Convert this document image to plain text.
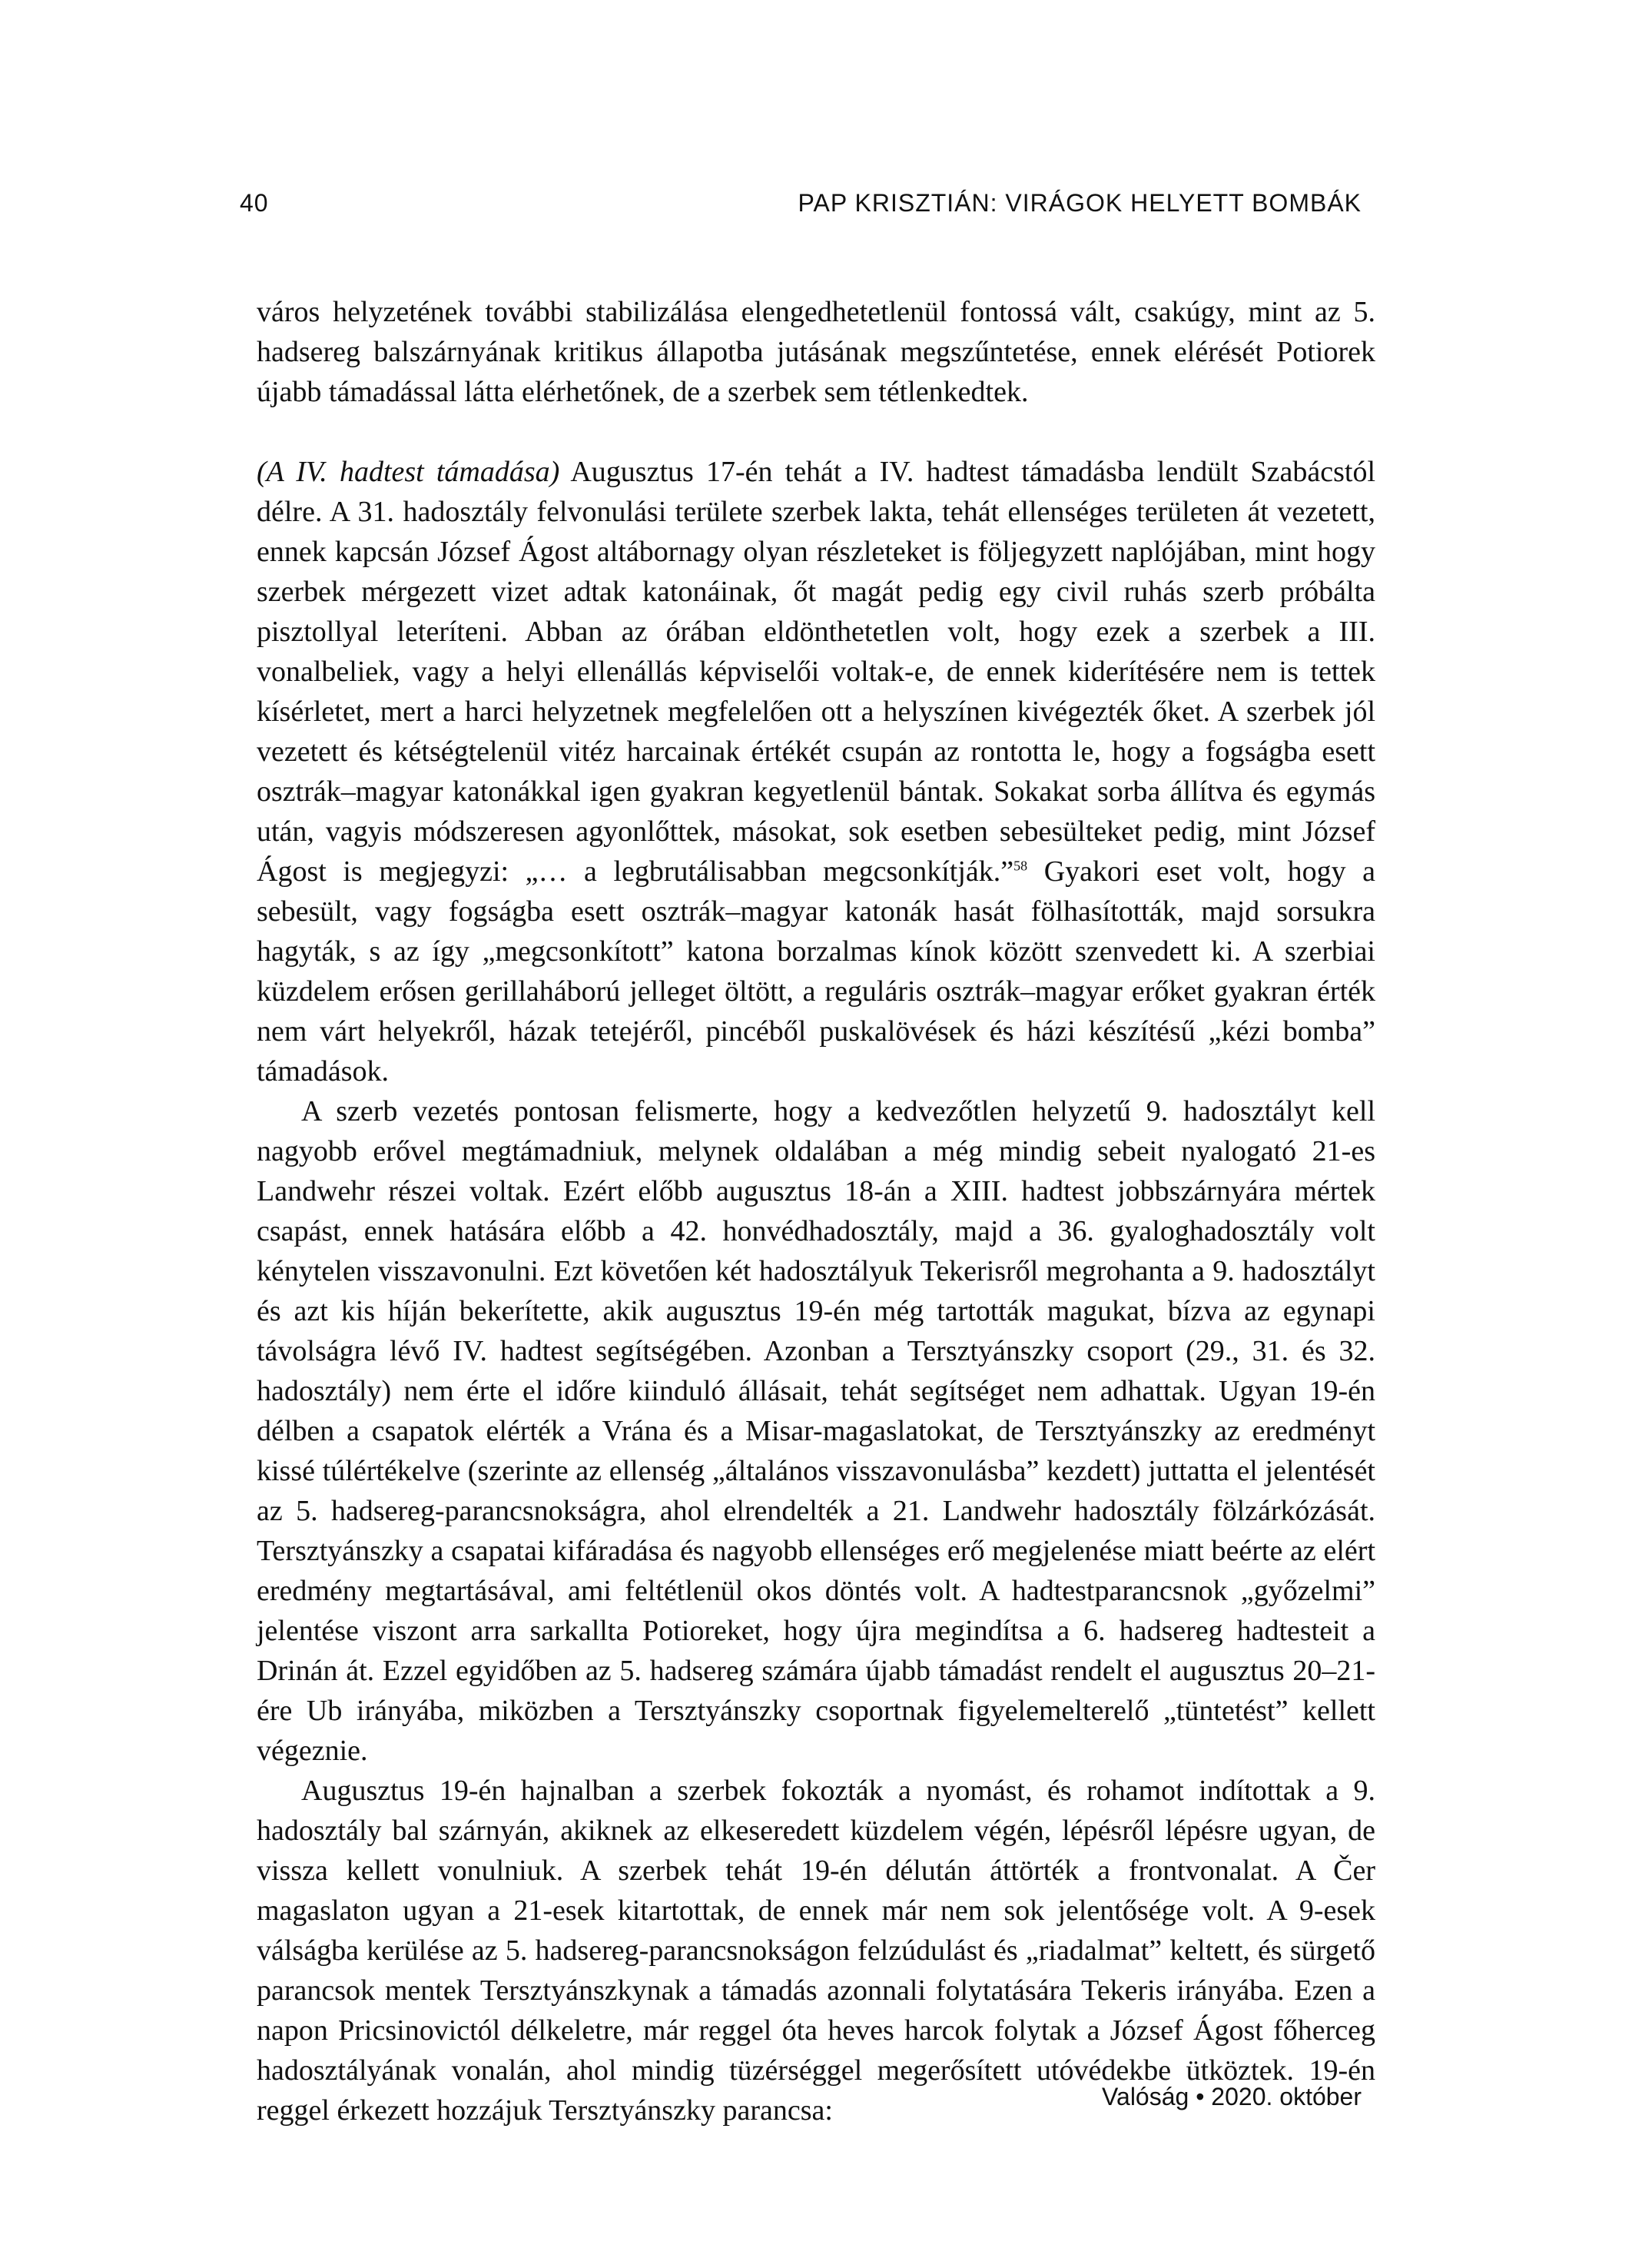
40	PAP KRISZTIÁN: VIRÁGOK HELYETT BOMBÁK

város helyzetének további stabilizálása elengedhetetlenül fontossá vált, csakúgy, mint az 5. hadsereg balszárnyának kritikus állapotba jutásának megszűntetése, ennek elérését Potiorek újabb támadással látta elérhetőnek, de a szerbek sem tétlenkedtek.

(A IV. hadtest támadása) Augusztus 17-én tehát a IV. hadtest támadásba lendült Szabácstól délre. A 31. hadosztály felvonulási területe szerbek lakta, tehát ellenséges területen át vezetett, ennek kapcsán József Ágost altábornagy olyan részleteket is följegyzett naplójában, mint hogy szerbek mérgezett vizet adtak katonáinak, őt magát pedig egy civil ruhás szerb próbálta pisztollyal leteríteni. Abban az órában eldönthetetlen volt, hogy ezek a szerbek a III. vonalbeliek, vagy a helyi ellenállás képviselői voltak-e, de ennek kiderítésére nem is tettek kísérletet, mert a harci helyzetnek megfelelően ott a helyszínen kivégezték őket. A szerbek jól vezetett és kétségtelenül vitéz harcainak értékét csupán az rontotta le, hogy a fogságba esett osztrák–magyar katonákkal igen gyakran kegyetlenül bántak. Sokakat sorba állítva és egymás után, vagyis módszeresen agyonlőttek, másokat, sok esetben sebesülteket pedig, mint József Ágost is megjegyzi: „… a legbrutálisabban megcsonkítják.”$^{58}$ Gyakori eset volt, hogy a sebesült, vagy fogságba esett osztrák–magyar katonák hasát fölhasították, majd sorsukra hagyták, s az így „megcsonkított” katona borzalmas kínok között szenvedett ki. A szerbiai küzdelem erősen gerillaháború jelleget öltött, a reguláris osztrák–magyar erőket gyakran érték nem várt helyekről, házak tetejéről, pincéből puskalövések és házi készítésű „kézi bomba” támadások.

A szerb vezetés pontosan felismerte, hogy a kedvezőtlen helyzetű 9. hadosztályt kell nagyobb erővel megtámadniuk, melynek oldalában a még mindig sebeit nyalogató 21-es Landwehr részei voltak. Ezért előbb augusztus 18-án a XIII. hadtest jobbszárnyára mértek csapást, ennek hatására előbb a 42. honvédhadosztály, majd a 36. gyaloghadosztály volt kénytelen visszavonulni. Ezt követően két hadosztályuk Tekerisről megrohanta a 9. hadosztályt és azt kis híján bekerítette, akik augusztus 19-én még tartották magukat, bízva az egynapi távolságra lévő IV. hadtest segítségében. Azonban a Tersztyánszky csoport (29., 31. és 32. hadosztály) nem érte el időre kiinduló állásait, tehát segítséget nem adhattak. Ugyan 19-én délben a csapatok elérték a Vrána és a Misar-magaslatokat, de Tersztyánszky az eredményt kissé túlértékelve (szerinte az ellenség „általános visszavonulásba” kezdett) juttatta el jelentését az 5. hadsereg-parancsnokságra, ahol elrendelték a 21. Landwehr hadosztály fölzárkózását. Tersztyánszky a csapatai kifáradása és nagyobb ellenséges erő megjelenése miatt beérte az elért eredmény megtartásával, ami feltétlenül okos döntés volt. A hadtestparancsnok „győzelmi” jelentése viszont arra sarkallta Potioreket, hogy újra megindítsa a 6. hadsereg hadtesteit a Drinán át. Ezzel egyidőben az 5. hadsereg számára újabb támadást rendelt el augusztus 20–21-ére Ub irányába, miközben a Tersztyánszky csoportnak figyelemelterelő „tüntetést” kellett végeznie.

Augusztus 19-én hajnalban a szerbek fokozták a nyomást, és rohamot indítottak a 9. hadosztály bal szárnyán, akiknek az elkeseredett küzdelem végén, lépésről lépésre ugyan, de vissza kellett vonulniuk. A szerbek tehát 19-én délután áttörték a frontvonalat. A Čer magaslaton ugyan a 21-esek kitartottak, de ennek már nem sok jelentősége volt. A 9-esek válságba kerülése az 5. hadsereg-parancsnokságon felzúdulást és „riadalmat” keltett, és sürgető parancsok mentek Tersztyánszkynak a támadás azonnali folytatására Tekeris irányába. Ezen a napon Pricsinovictól délkeletre, már reggel óta heves harcok folytak a József Ágost főherceg hadosztályának vonalán, ahol mindig tüzérséggel megerősített utóvédekbe ütköztek. 19-én reggel érkezett hozzájuk Tersztyánszky parancsa:	Valóság • 2020. október
